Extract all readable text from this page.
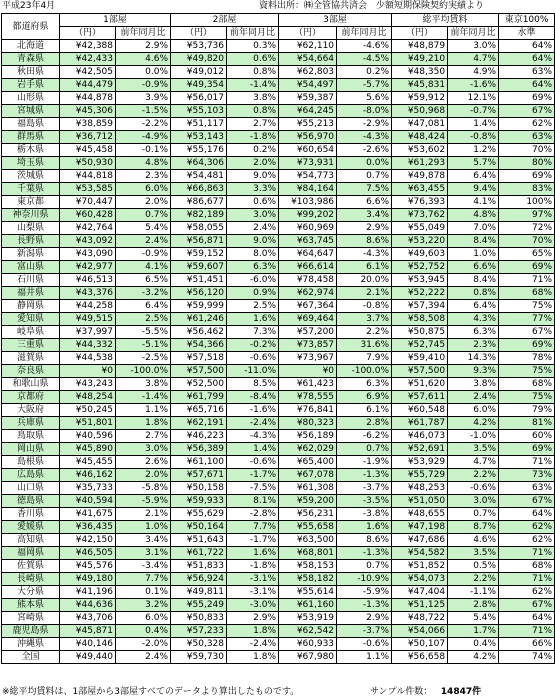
平成23年4月	資料出所：㈱全管協共済会　少額短期保険契約実績より
都道府県	1部屋		2部屋		3部屋		総平均賃料		東京100%
	（円）	前年同月比	（円）	前年同月比	（円）	前年同月比	（円）	前年同月比	水準
北海道	¥42,388	2.9%	¥53,736	0.3%	¥62,110	-4.6%	¥48,879	3.0%	64%
青森県	¥42,433	4.6%	¥49,820	0.6%	¥54,664	-4.5%	¥49,210	4.7%	64%
秋田県	¥42,505	0.0%	¥49,012	0.8%	¥62,803	0.2%	¥48,350	4.9%	63%
岩手県	¥44,479	-0.9%	¥49,354	-1.4%	¥54,497	-5.7%	¥45,831	-1.6%	64%
山形県	¥44,878	3.9%	¥56,017	3.8%	¥59,387	5.6%	¥59,912	12.1%	69%
宮城県	¥45,306	-1.5%	¥55,103	0.8%	¥64,245	-8.0%	¥50,968	-0.7%	67%
福島県	¥38,859	-2.2%	¥51,117	2.7%	¥55,213	-2.9%	¥47,081	1.4%	62%
群馬県	¥36,712	-4.9%	¥53,143	-1.8%	¥56,970	-4.3%	¥48,424	-0.8%	63%
栃木県	¥45,458	-0.1%	¥55,176	0.2%	¥60,654	-2.6%	¥53,602	1.2%	70%
埼玉県	¥50,930	4.8%	¥64,306	2.0%	¥73,931	0.0%	¥61,293	5.7%	80%
茨城県	¥44,818	2.3%	¥54,481	9.0%	¥54,773	0.7%	¥49,878	6.4%	69%
千葉県	¥53,585	6.0%	¥66,863	3.3%	¥84,164	7.5%	¥63,455	9.4%	83%
東京都	¥70,447	2.0%	¥86,677	0.6%	¥103,986	6.6%	¥76,393	4.1%	100%
神奈川県	¥60,428	0.7%	¥82,189	3.0%	¥99,202	3.4%	¥73,762	4.8%	97%
山梨県	¥42,764	5.4%	¥58,055	2.4%	¥60,969	2.9%	¥55,049	7.0%	72%
長野県	¥43,092	2.4%	¥56,871	9.0%	¥63,745	8.6%	¥53,220	8.4%	70%
新潟県	¥43,090	-0.9%	¥59,152	8.0%	¥64,647	-4.3%	¥49,603	1.0%	65%
富山県	¥42,977	4.1%	¥59,607	6.3%	¥66,614	6.1%	¥52,752	6.6%	69%
石川県	¥46,513	6.5%	¥51,451	-6.0%	¥78,458	20.0%	¥53,945	8.4%	71%
福井県	¥43,376	-3.2%	¥56,120	0.9%	¥62,974	2.1%	¥52,222	0.8%	68%
静岡県	¥44,258	6.4%	¥59,999	2.5%	¥67,364	-0.8%	¥57,394	6.4%	75%
愛知県	¥49,515	2.5%	¥61,246	1.6%	¥69,464	3.7%	¥58,508	4.3%	77%
岐阜県	¥37,997	-5.5%	¥56,462	7.3%	¥57,200	2.2%	¥50,875	6.3%	67%
三重県	¥44,332	-5.1%	¥54,366	-0.2%	¥73,857	31.6%	¥52,745	2.3%	69%
滋賀県	¥44,538	-2.5%	¥57,518	-0.6%	¥73,967	7.9%	¥59,410	14.3%	78%
奈良県	¥0	-100.0%	¥57,500	-11.0%	¥0	-100.0%	¥57,500	9.3%	75%
和歌山県	¥43,243	3.8%	¥52,500	8.5%	¥61,423	6.3%	¥51,620	3.8%	68%
京都府	¥48,254	-1.4%	¥61,799	-8.4%	¥78,555	6.9%	¥57,611	2.4%	75%
大阪府	¥50,245	1.1%	¥65,716	-1.6%	¥76,841	6.1%	¥60,548	6.0%	79%
兵庫県	¥51,801	1.8%	¥62,191	-2.4%	¥80,323	2.8%	¥61,787	4.2%	81%
鳥取県	¥40,596	2.7%	¥46,223	-4.3%	¥56,189	-6.2%	¥46,073	-1.0%	60%
岡山県	¥45,890	3.0%	¥56,389	1.4%	¥62,029	0.7%	¥52,691	3.5%	69%
島根県	¥45,455	2.6%	¥61,100	-0.6%	¥65,400	-1.9%	¥53,929	4.7%	71%
広島県	¥46,162	2.0%	¥57,671	-1.7%	¥67,078	-1.3%	¥55,729	2.2%	73%
山口県	¥35,733	-5.8%	¥50,158	-7.5%	¥61,308	-3.7%	¥48,253	-0.6%	63%
徳島県	¥40,594	-5.9%	¥59,933	8.1%	¥59,200	-3.5%	¥51,050	3.0%	67%
香川県	¥41,675	2.1%	¥55,629	-2.8%	¥56,231	-3.8%	¥48,655	0.7%	64%
愛媛県	¥36,435	1.0%	¥50,164	7.7%	¥55,658	1.6%	¥47,198	8.7%	62%
高知県	¥42,150	3.4%	¥51,643	-1.7%	¥63,500	8.6%	¥47,686	4.6%	62%
福岡県	¥46,505	3.1%	¥61,722	1.6%	¥68,801	-1.3%	¥54,582	3.5%	71%
佐賀県	¥45,576	-3.4%	¥51,833	-1.8%	¥58,153	0.7%	¥51,852	0.5%	68%
長崎県	¥49,180	7.7%	¥56,924	-3.1%	¥58,182	-10.9%	¥54,073	2.2%	71%
大分県	¥41,196	0.1%	¥49,811	-3.1%	¥55,614	-5.9%	¥47,404	-1.1%	62%
熊本県	¥44,636	3.2%	¥55,249	-3.0%	¥61,160	-1.3%	¥51,125	2.8%	67%
宮崎県	¥43,706	6.0%	¥50,833	2.9%	¥53,919	2.9%	¥48,722	5.4%	64%
鹿児島県	¥45,871	0.4%	¥57,233	1.8%	¥62,542	-3.7%	¥54,066	1.7%	71%
沖縄県	¥40,146	-2.0%	¥50,328	-2.4%	¥60,933	-0.6%	¥50,107	0.4%	66%
全国	¥49,440	2.4%	¥59,730	1.8%	¥67,980	1.1%	¥56,658	4.2%	74%
※総平均賃料は、1部屋から3部屋すべてのデータより算出したものです。	サンプル件数： 14847件
